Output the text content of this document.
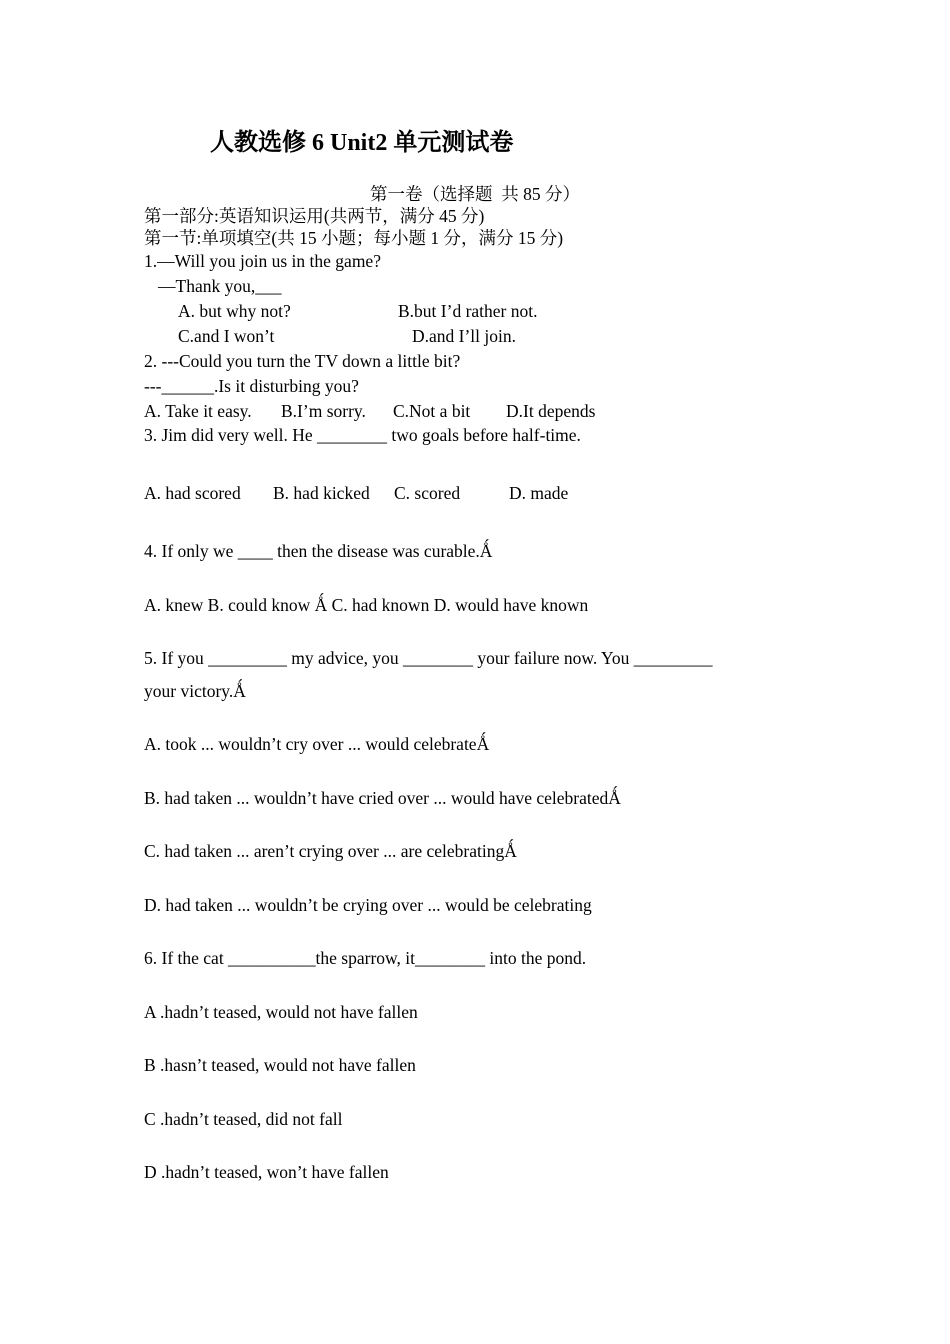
人教选修 6 Unit2 单元测试卷
第一卷（选择题  共 85 分）
第一部分:英语知识运用(共两节，满分 45 分)
第一节:单项填空(共 15 小题；每小题 1 分，满分 15 分)
1.—Will you join us in the game?
—Thank you,___
A. but why not?	B.but I’d rather not.
C.and I won’t	D.and I’ll join.
2. ---Could you turn the TV down a little bit?
---______.Is it disturbing you?
A. Take it easy. B.I’m sorry. C.Not a bit D.It depends
3. Jim did very well. He ________ two goals before half-time.
A. had scored B. had kicked C. scored	D. made
4. If only we ____ then the disease was curable.Ǻ
A. knew B. could know Ǻ C. had known D. would have known
5. If you _________ my advice, you ________ your failure now. You _________
your victory.Ǻ
A. took ... wouldn’t cry over ... would celebrateǺ
B. had taken ... wouldn’t have cried over ... would have celebratedǺ
C. had taken ... aren’t crying over ... are celebratingǺ
D. had taken ... wouldn’t be crying over ... would be celebrating
6. If the cat __________the sparrow, it________ into the pond.
A .hadn’t teased, would not have fallen
B .hasn’t teased, would not have fallen
C .hadn’t teased, did not fall
D .hadn’t teased, won’t have fallen
